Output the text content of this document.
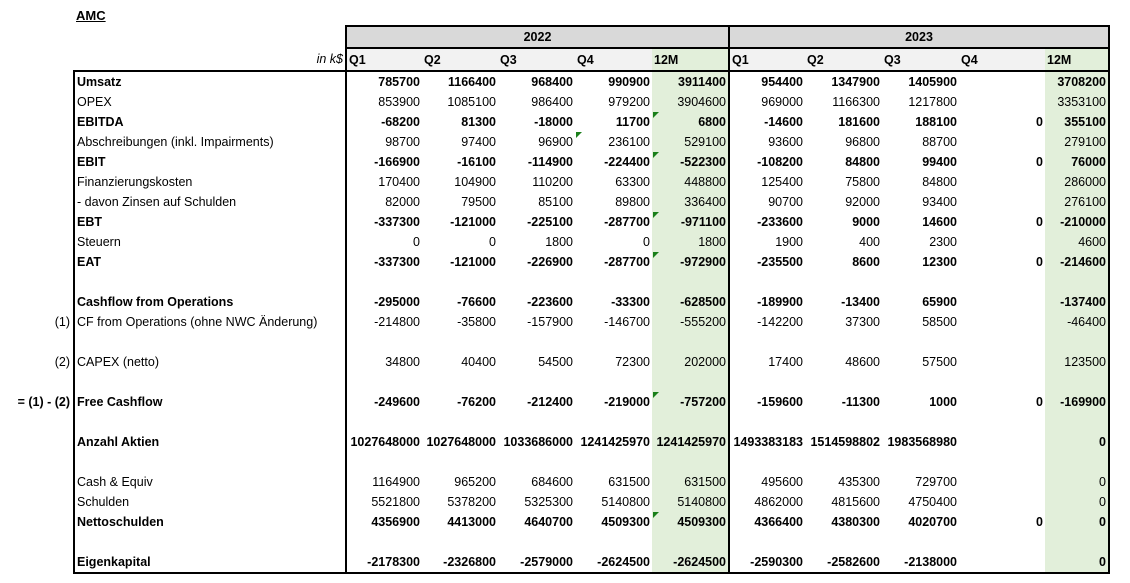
AMC
		2022					2023				
	in k$	Q1	Q2	Q3	Q4	12M	Q1	Q2	Q3	Q4	12M
	Umsatz	785700	1166400	968400	990900	3911400	954400	1347900	1405900		3708200
	OPEX	853900	1085100	986400	979200	3904600	969000	1166300	1217800		3353100
	EBITDA	-68200	81300	-18000	11700	6800	-14600	181600	188100	0	355100
	Abschreibungen (inkl. Impairments)	98700	97400	96900	236100	529100	93600	96800	88700		279100
	EBIT	-166900	-16100	-114900	-224400	-522300	-108200	84800	99400	0	76000
	Finanzierungskosten	170400	104900	110200	63300	448800	125400	75800	84800		286000
	- davon Zinsen auf Schulden	82000	79500	85100	89800	336400	90700	92000	93400		276100
	EBT	-337300	-121000	-225100	-287700	-971100	-233600	9000	14600	0	-210000
	Steuern	0	0	1800	0	1800	1900	400	2300		4600
	EAT	-337300	-121000	-226900	-287700	-972900	-235500	8600	12300	0	-214600

	Cashflow from Operations	-295000	-76600	-223600	-33300	-628500	-189900	-13400	65900		-137400
(1)	CF from Operations (ohne NWC Änderung)	-214800	-35800	-157900	-146700	-555200	-142200	37300	58500		-46400

(2)	CAPEX (netto)	34800	40400	54500	72300	202000	17400	48600	57500		123500

= (1) - (2)	Free Cashflow	-249600	-76200	-212400	-219000	-757200	-159600	-11300	1000	0	-169900

	Anzahl Aktien	1027648000	1027648000	1033686000	1241425970	1241425970	1493383183	1514598802	1983568980		0

	Cash & Equiv	1164900	965200	684600	631500	631500	495600	435300	729700		0
	Schulden	5521800	5378200	5325300	5140800	5140800	4862000	4815600	4750400		0
	Nettoschulden	4356900	4413000	4640700	4509300	4509300	4366400	4380300	4020700	0	0

	Eigenkapital	-2178300	-2326800	-2579000	-2624500	-2624500	-2590300	-2582600	-2138000		0
